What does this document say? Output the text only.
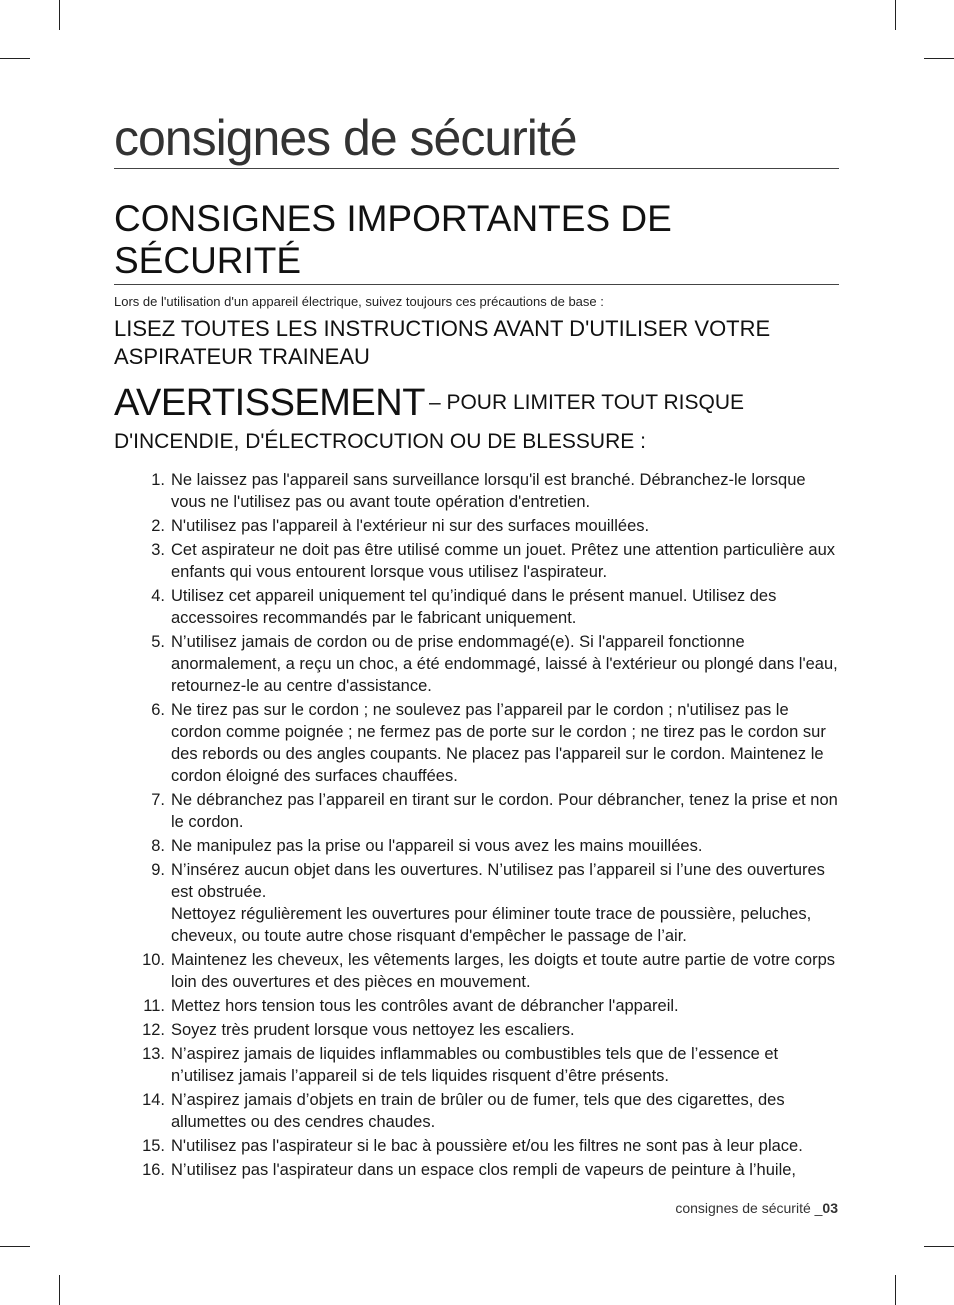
consignes de sécurité
CONSIGNES IMPORTANTES DE SÉCURITÉ
Lors de l'utilisation d'un appareil électrique, suivez toujours ces précautions de base :
LISEZ TOUTES LES INSTRUCTIONS AVANT D'UTILISER VOTRE ASPIRATEUR TRAINEAU
AVERTISSEMENT – POUR LIMITER TOUT RISQUE
D'INCENDIE, D'ÉLECTROCUTION OU DE BLESSURE :
1. Ne laissez pas l'appareil sans surveillance lorsqu'il est branché. Débranchez-le lorsque vous ne l'utilisez pas ou avant toute opération d'entretien.
2. N'utilisez pas l'appareil à l'extérieur ni sur des surfaces mouillées.
3. Cet aspirateur ne doit pas être utilisé comme un jouet. Prêtez une attention particulière aux enfants qui vous entourent lorsque vous utilisez l'aspirateur.
4. Utilisez cet appareil uniquement tel qu’indiqué dans le présent manuel. Utilisez des accessoires recommandés par le fabricant uniquement.
5. N’utilisez jamais de cordon ou de prise endommagé(e). Si l'appareil fonctionne anormalement, a reçu un choc, a été endommagé, laissé à l'extérieur ou plongé dans l'eau, retournez-le au centre d'assistance.
6. Ne tirez pas sur le cordon ; ne soulevez pas l’appareil par le cordon ; n'utilisez pas le cordon comme poignée ; ne fermez pas de porte sur le cordon ; ne tirez pas le cordon sur des rebords ou des angles coupants. Ne placez pas l'appareil sur le cordon. Maintenez le cordon éloigné des surfaces chauffées.
7. Ne débranchez pas l’appareil en tirant sur le cordon. Pour débrancher, tenez la prise et non le cordon.
8. Ne manipulez pas la prise ou l'appareil si vous avez les mains mouillées.
9. N’insérez aucun objet dans les ouvertures. N’utilisez pas l’appareil si l’une des ouvertures est obstruée.
Nettoyez régulièrement les ouvertures pour éliminer toute trace de poussière, peluches, cheveux, ou toute autre chose risquant d'empêcher le passage de l’air.
10. Maintenez les cheveux, les vêtements larges, les doigts et toute autre partie de votre corps loin des ouvertures et des pièces en mouvement.
11. Mettez hors tension tous les contrôles avant de débrancher l'appareil.
12. Soyez très prudent lorsque vous nettoyez les escaliers.
13. N’aspirez jamais de liquides inflammables ou combustibles tels que de l’essence et n’utilisez jamais l’appareil si de tels liquides risquent d’être présents.
14. N’aspirez jamais d’objets en train de brûler ou de fumer, tels que des cigarettes, des allumettes ou des cendres chaudes.
15. N'utilisez pas l'aspirateur si le bac à poussière et/ou les filtres ne sont pas à leur place.
16. N’utilisez pas l'aspirateur dans un espace clos rempli de vapeurs de peinture à l’huile,
consignes de sécurité _03
